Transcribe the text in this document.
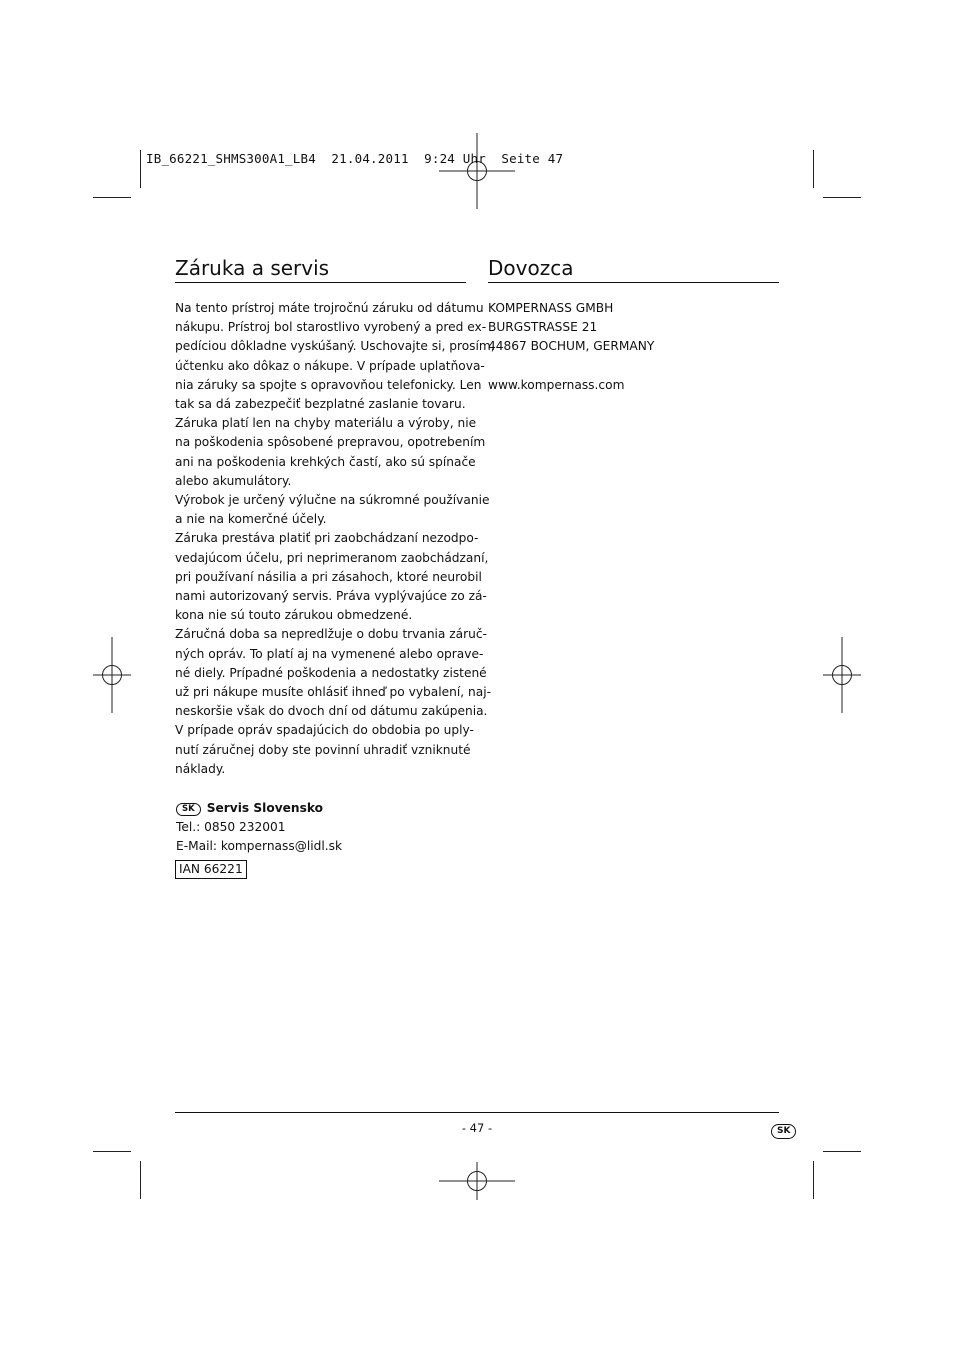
IB_66221_SHMS300A1_LB4  21.04.2011  9:24 Uhr  Seite 47
Záruka a servis
Na tento prístroj máte trojročnú záruku od dátumu
nákupu. Prístroj bol starostlivo vyrobený a pred ex-
pedíciou dôkladne vyskúšaný. Uschovajte si, prosím,
účtenku ako dôkaz o nákupe. V prípade uplatňova-
nia záruky sa spojte s opravovňou telefonicky. Len
tak sa dá zabezpečiť bezplatné zaslanie tovaru.
Záruka platí len na chyby materiálu a výroby, nie
na poškodenia spôsobené prepravou, opotrebením
ani na poškodenia krehkých častí, ako sú spínače
alebo akumulátory.
Výrobok je určený výlučne na súkromné používanie
a nie na komerčné účely.
Záruka prestáva platiť pri zaobchádzaní nezodpo-
vedajúcom účelu, pri neprimeranom zaobchádzaní,
pri používaní násilia a pri zásahoch, ktoré neurobil
nami autorizovaný servis. Práva vyplývajúce zo zá-
kona nie sú touto zárukou obmedzené.
Záručná doba sa nepredlžuje o dobu trvania záruč-
ných opráv. To platí aj na vymenené alebo oprave-
né diely. Prípadné poškodenia a nedostatky zistené
už pri nákupe musíte ohlásiť ihneď po vybalení, naj-
neskoršie však do dvoch dní od dátumu zakúpenia.
V prípade opráv spadajúcich do obdobia po uply-
nutí záručnej doby ste povinní uhradiť vzniknuté
náklady.
SK Servis Slovensko
Tel.: 0850 232001
E-Mail: kompernass@lidl.sk
IAN 66221
Dovozca
KOMPERNASS GMBH
BURGSTRASSE 21
44867 BOCHUM, GERMANY
www.kompernass.com
- 47 -	SK
